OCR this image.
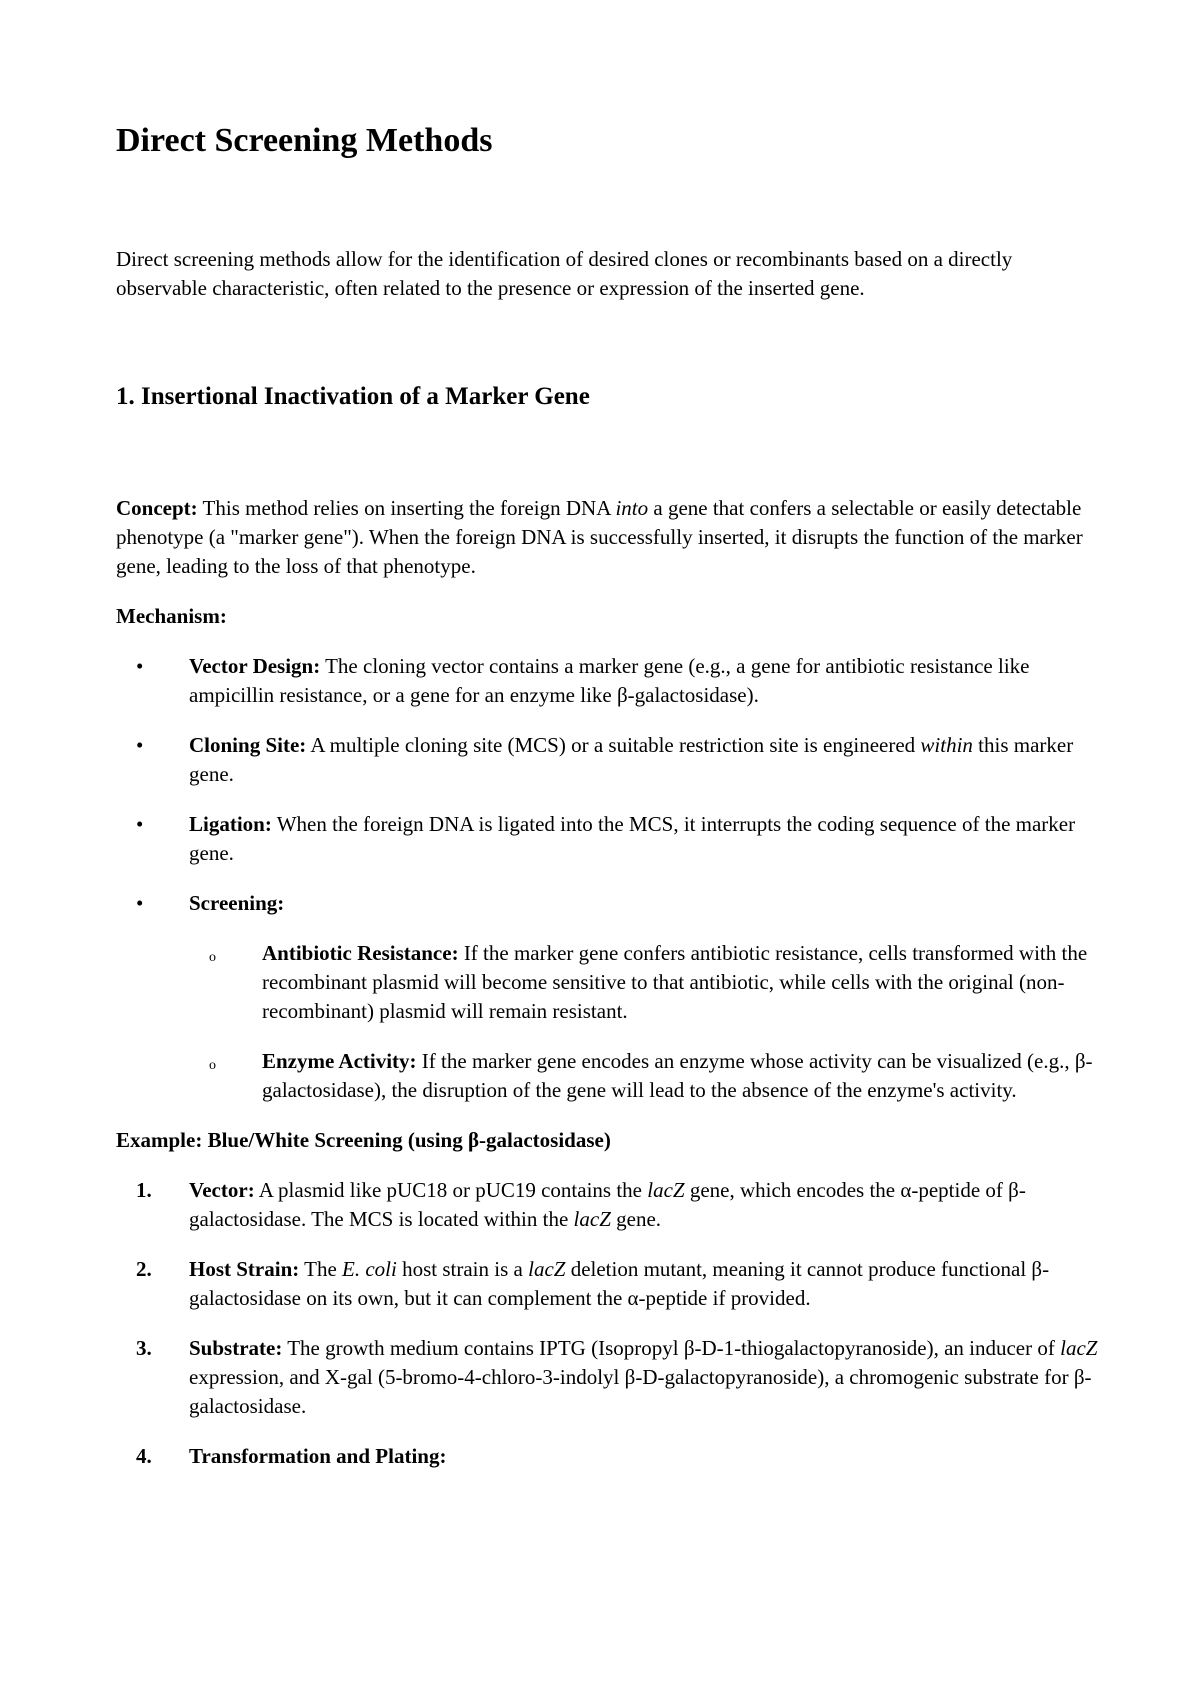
Direct Screening Methods

Direct screening methods allow for the identification of desired clones or recombinants based on a directly observable characteristic, often related to the presence or expression of the inserted gene.

1. Insertional Inactivation of a Marker Gene

Concept: This method relies on inserting the foreign DNA into a gene that confers a selectable or easily detectable phenotype (a "marker gene"). When the foreign DNA is successfully inserted, it disrupts the function of the marker gene, leading to the loss of that phenotype.

Mechanism:

• Vector Design: The cloning vector contains a marker gene (e.g., a gene for antibiotic resistance like ampicillin resistance, or a gene for an enzyme like β-galactosidase).
• Cloning Site: A multiple cloning site (MCS) or a suitable restriction site is engineered within this marker gene.
• Ligation: When the foreign DNA is ligated into the MCS, it interrupts the coding sequence of the marker gene.
• Screening:
o Antibiotic Resistance: If the marker gene confers antibiotic resistance, cells transformed with the recombinant plasmid will become sensitive to that antibiotic, while cells with the original (non-recombinant) plasmid will remain resistant.
o Enzyme Activity: If the marker gene encodes an enzyme whose activity can be visualized (e.g., β-galactosidase), the disruption of the gene will lead to the absence of the enzyme's activity.

Example: Blue/White Screening (using β-galactosidase)

1. Vector: A plasmid like pUC18 or pUC19 contains the lacZ gene, which encodes the α-peptide of β-galactosidase. The MCS is located within the lacZ gene.
2. Host Strain: The E. coli host strain is a lacZ deletion mutant, meaning it cannot produce functional β-galactosidase on its own, but it can complement the α-peptide if provided.
3. Substrate: The growth medium contains IPTG (Isopropyl β-D-1-thiogalactopyranoside), an inducer of lacZ expression, and X-gal (5-bromo-4-chloro-3-indolyl β-D-galactopyranoside), a chromogenic substrate for β-galactosidase.
4. Transformation and Plating:
